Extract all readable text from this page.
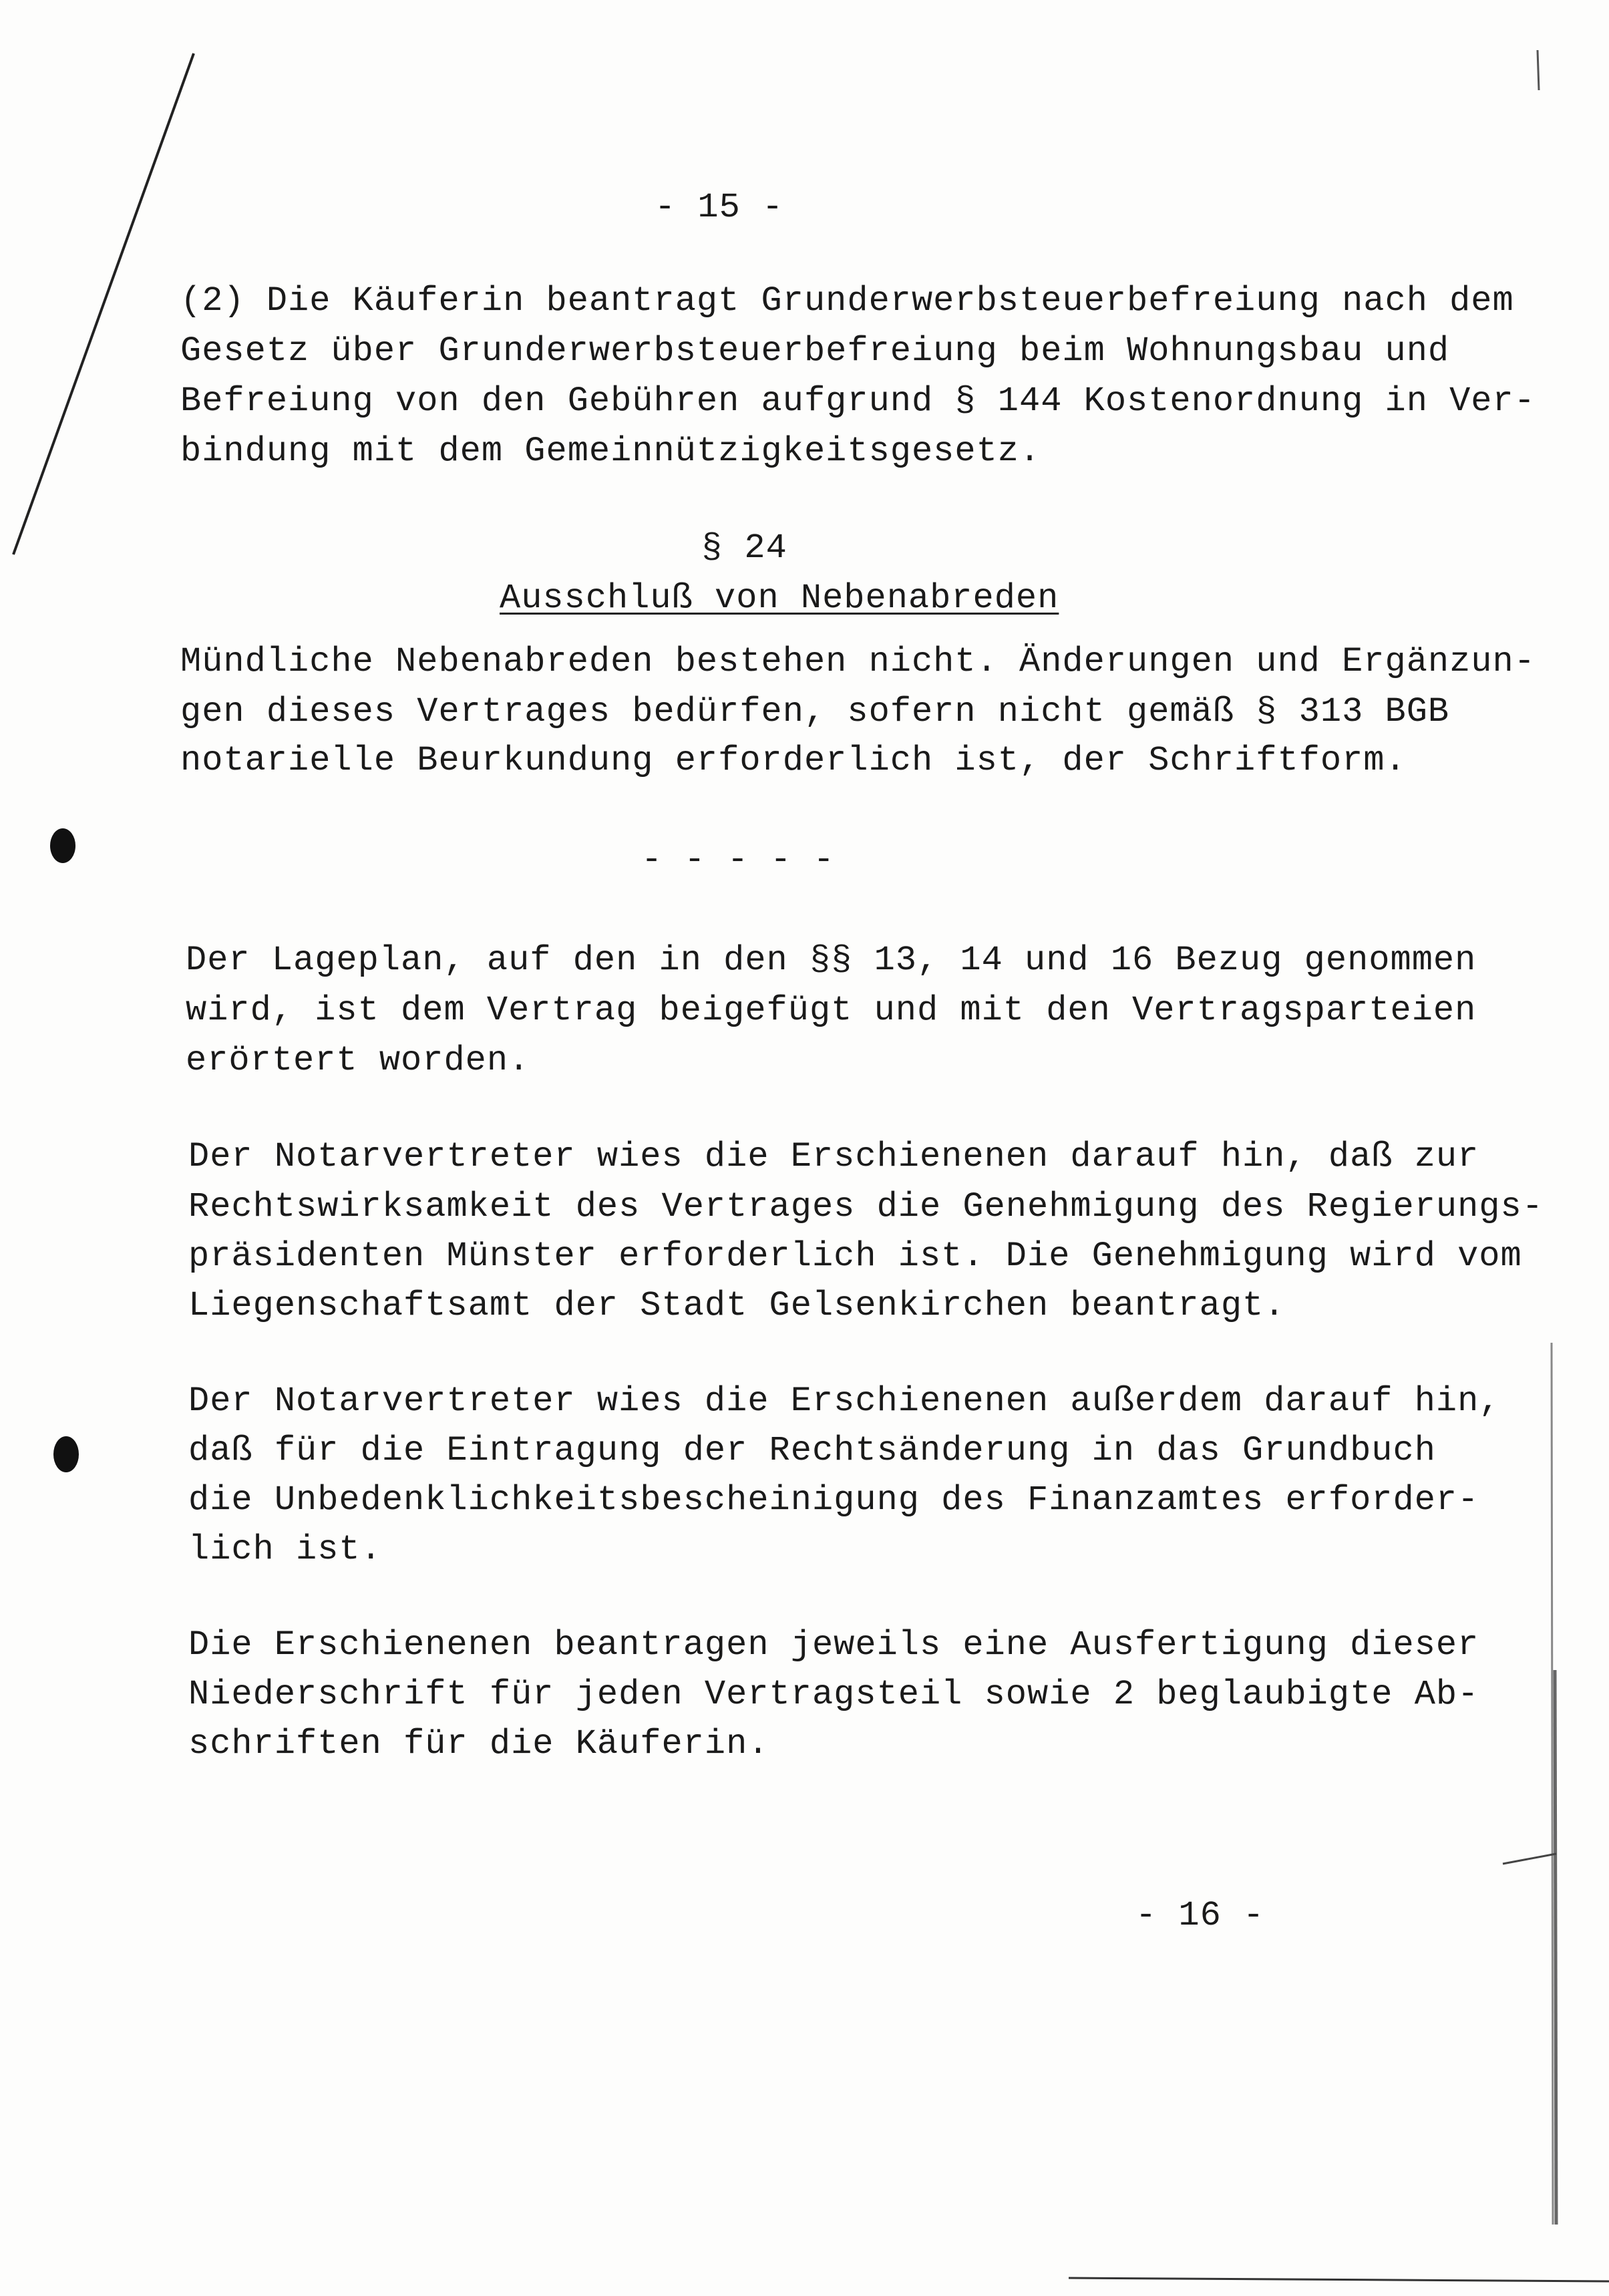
- 15 -
(2) Die Käuferin beantragt Grunderwerbsteuerbefreiung nach dem
Gesetz über Grunderwerbsteuerbefreiung beim Wohnungsbau und
Befreiung von den Gebühren aufgrund § 144 Kostenordnung in Ver-
bindung mit dem Gemeinnützigkeitsgesetz.
§ 24
Ausschluß von Nebenabreden
Mündliche Nebenabreden bestehen nicht. Änderungen und Ergänzun-
gen dieses Vertrages bedürfen, sofern nicht gemäß § 313 BGB
notarielle Beurkundung erforderlich ist, der Schriftform.
- - - - -
Der Lageplan, auf den in den §§ 13, 14 und 16 Bezug genommen
wird, ist dem Vertrag beigefügt und mit den Vertragsparteien
erörtert worden.
Der Notarvertreter wies die Erschienenen darauf hin, daß zur
Rechtswirksamkeit des Vertrages die Genehmigung des Regierungs-
präsidenten Münster erforderlich ist. Die Genehmigung wird vom
Liegenschaftsamt der Stadt Gelsenkirchen beantragt.
Der Notarvertreter wies die Erschienenen außerdem darauf hin,
daß für die Eintragung der Rechtsänderung in das Grundbuch
die Unbedenklichkeitsbescheinigung des Finanzamtes erforder-
lich ist.
Die Erschienenen beantragen jeweils eine Ausfertigung dieser
Niederschrift für jeden Vertragsteil sowie 2 beglaubigte Ab-
schriften für die Käuferin.
- 16 -
